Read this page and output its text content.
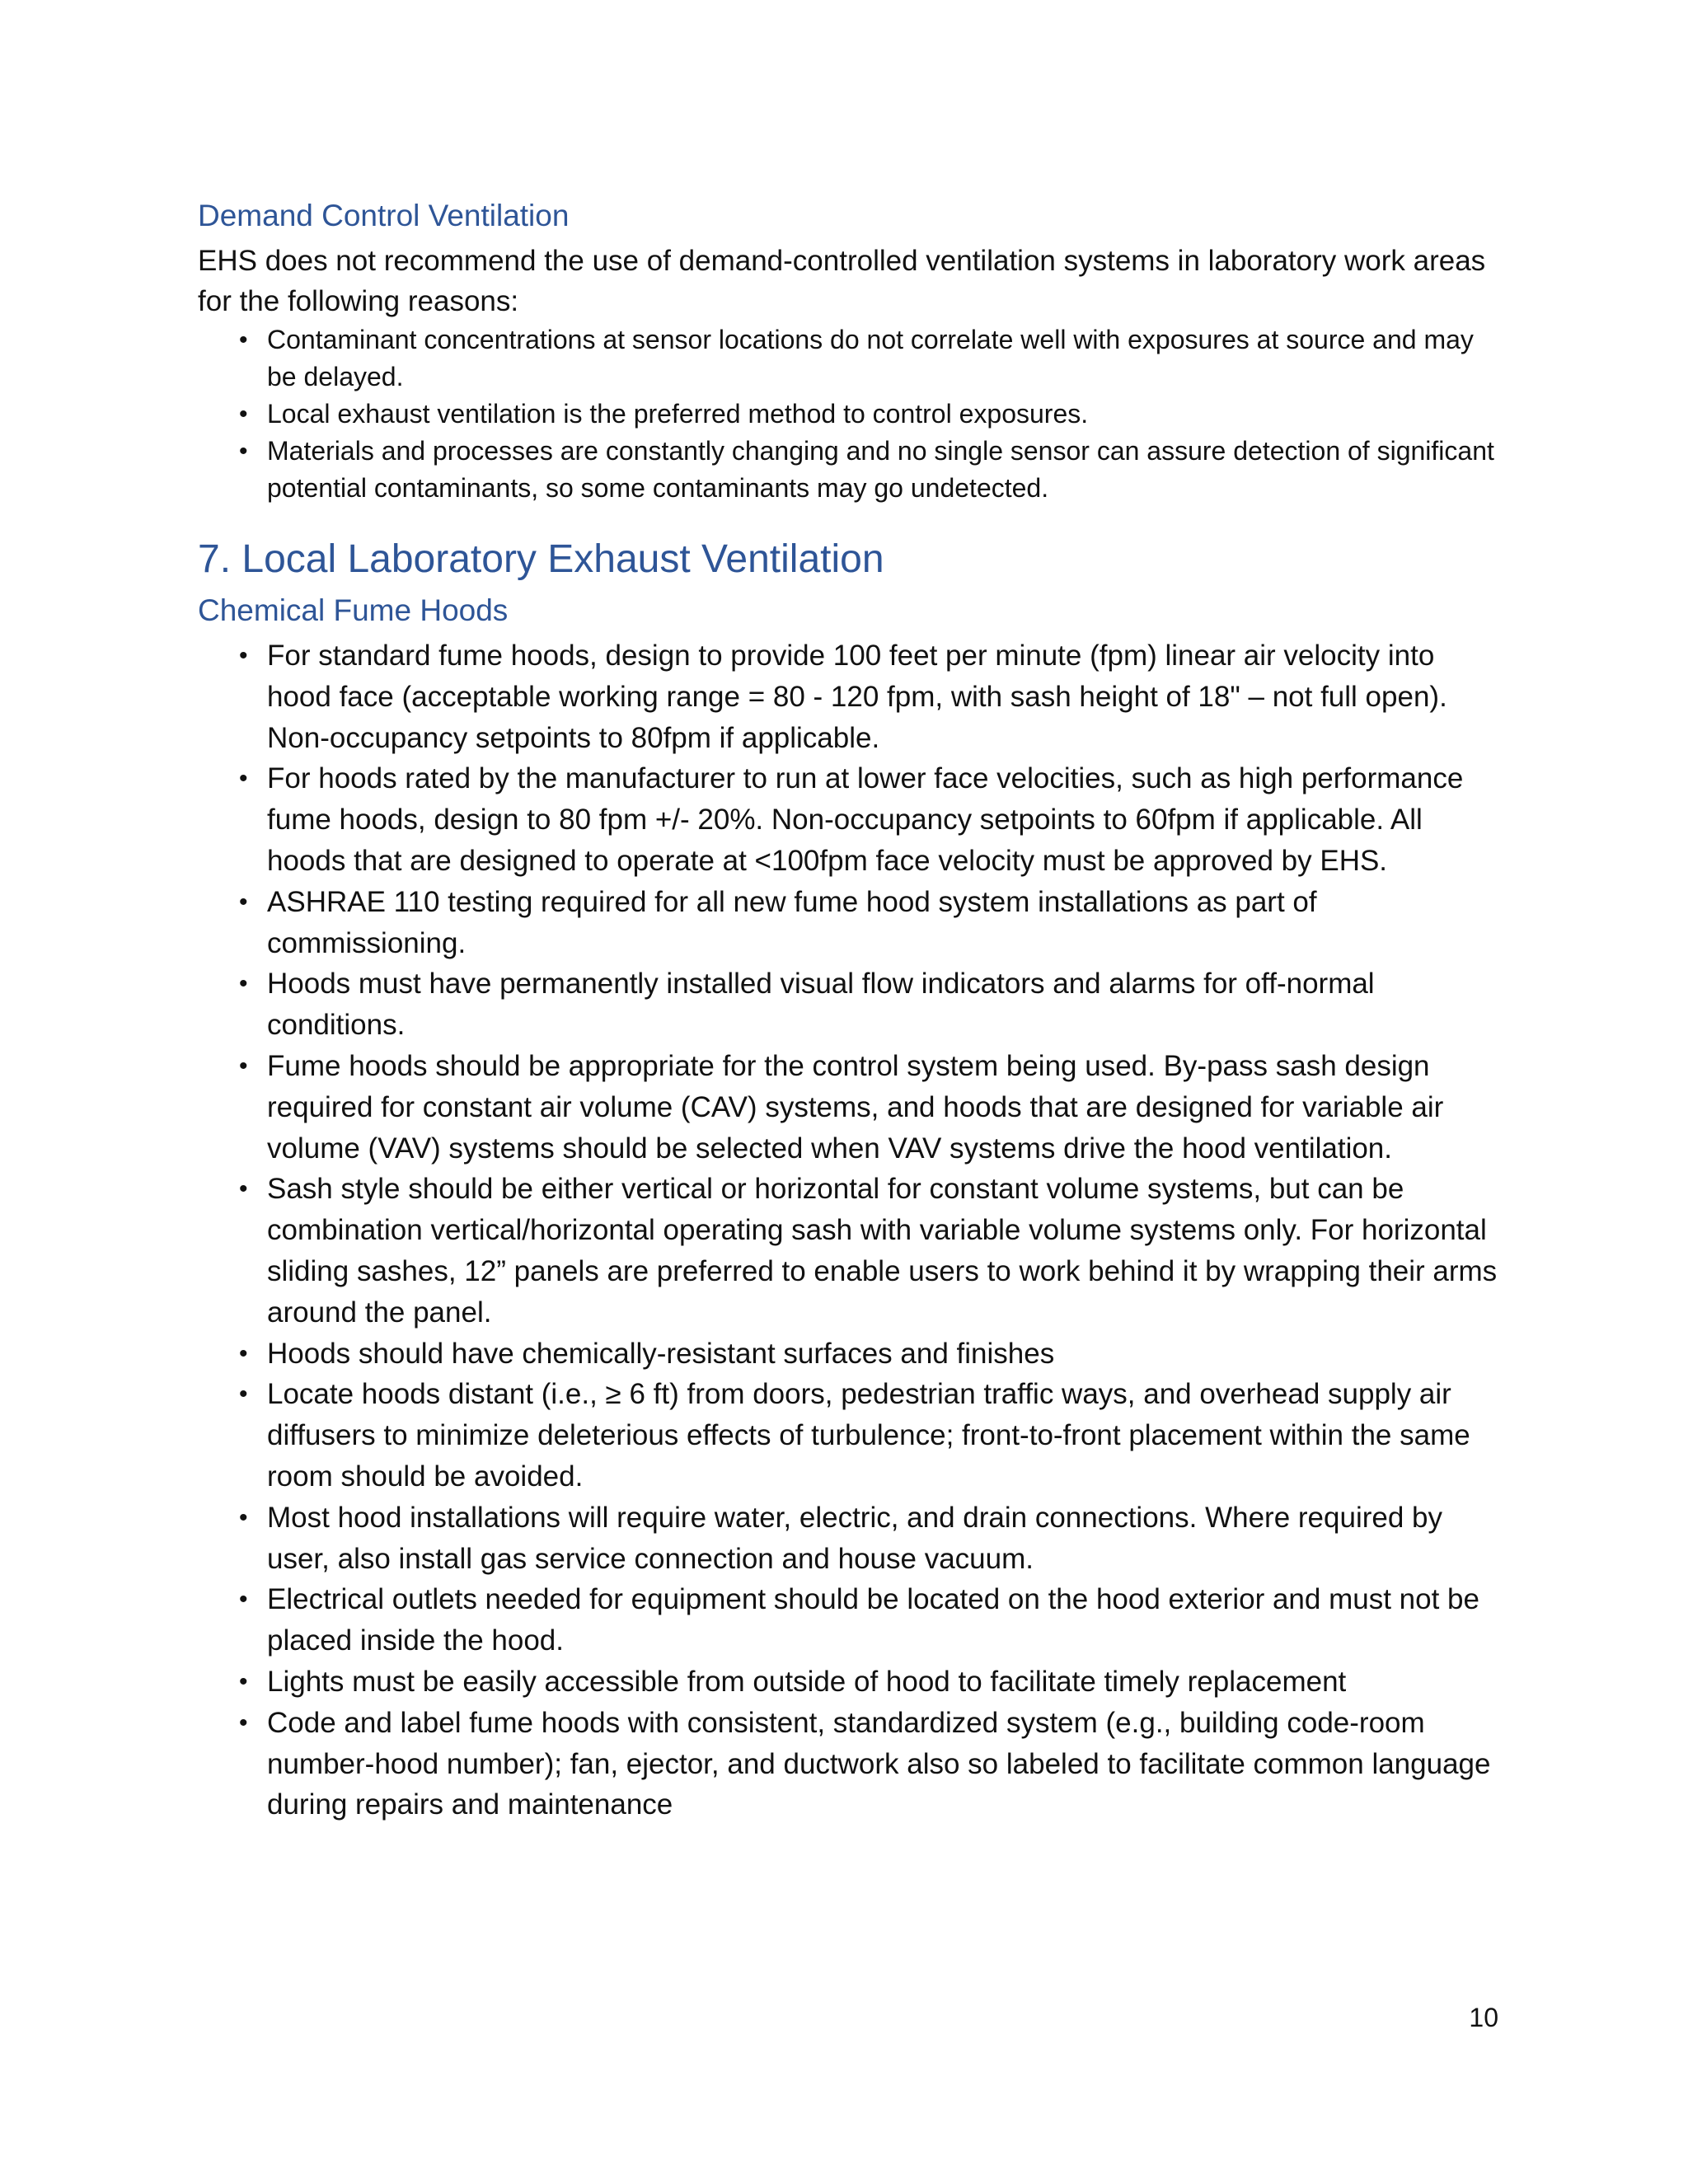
Demand Control Ventilation

EHS does not recommend the use of demand-controlled ventilation systems in laboratory work areas for the following reasons:

• Contaminant concentrations at sensor locations do not correlate well with exposures at source and may be delayed.
• Local exhaust ventilation is the preferred method to control exposures.
• Materials and processes are constantly changing and no single sensor can assure detection of significant potential contaminants, so some contaminants may go undetected.
7. Local Laboratory Exhaust Ventilation
Chemical Fume Hoods
• For standard fume hoods, design to provide 100 feet per minute (fpm) linear air velocity into hood face (acceptable working range = 80 - 120 fpm, with sash height of 18" – not full open). Non-occupancy setpoints to 80fpm if applicable.
• For hoods rated by the manufacturer to run at lower face velocities, such as high performance fume hoods, design to 80 fpm +/- 20%. Non-occupancy setpoints to 60fpm if applicable. All hoods that are designed to operate at <100fpm face velocity must be approved by EHS.
• ASHRAE 110 testing required for all new fume hood system installations as part of commissioning.
• Hoods must have permanently installed visual flow indicators and alarms for off-normal conditions.
• Fume hoods should be appropriate for the control system being used. By-pass sash design required for constant air volume (CAV) systems, and hoods that are designed for variable air volume (VAV) systems should be selected when VAV systems drive the hood ventilation.
• Sash style should be either vertical or horizontal for constant volume systems, but can be combination vertical/horizontal operating sash with variable volume systems only. For horizontal sliding sashes, 12” panels are preferred to enable users to work behind it by wrapping their arms around the panel.
• Hoods should have chemically-resistant surfaces and finishes
• Locate hoods distant (i.e., ≥ 6 ft) from doors, pedestrian traffic ways, and overhead supply air diffusers to minimize deleterious effects of turbulence; front-to-front placement within the same room should be avoided.
• Most hood installations will require water, electric, and drain connections. Where required by user, also install gas service connection and house vacuum.
• Electrical outlets needed for equipment should be located on the hood exterior and must not be placed inside the hood.
• Lights must be easily accessible from outside of hood to facilitate timely replacement
• Code and label fume hoods with consistent, standardized system (e.g., building code-room number-hood number); fan, ejector, and ductwork also so labeled to facilitate common language during repairs and maintenance
10
